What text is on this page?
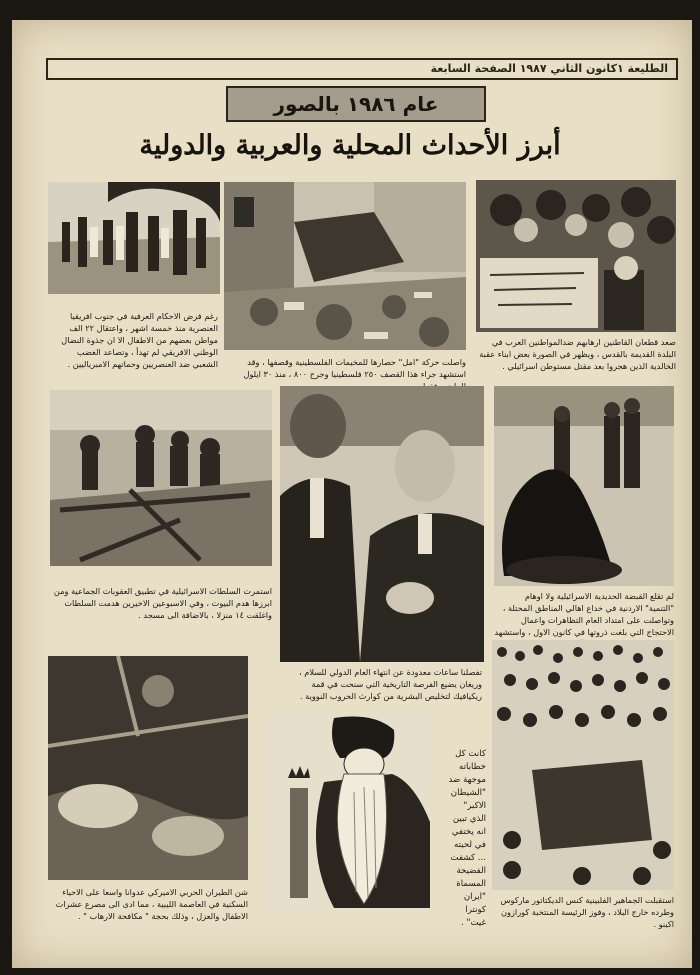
الطليعة ١كانون الثاني ١٩٨٧ الصفحة السابعة
عام ١٩٨٦ بالصور
أبرز الأحداث المحلية والعربية والدولية
رغم فرض الاحكام العرفية في جنوب افريقيا العنصرية منذ خمسة اشهر ، واعتقال ٢٢ الف مواطن بعضهم من الاطفال الا ان جذوة النضال الوطني الافريقي لم تهدأ ، وتصاعد الغضب الشعبي ضد العنصريين وحماتهم الامبرياليين .	واصلت حركة "امل" حصارها للمخيمات الفلسطينية وقصفها ، وقد استشهد جراء هذا القصف ٢٥٠ فلسطينيا وجرح ٨٠٠ ، منذ ٣٠ ايلول
صعد قطعان القاطنين ارهابهم ضدالمواطنين العرب في البلدة القديمة بالقدس ، ويظهر في الصورة بعض ابناء عقبة الخالدية الذين هجروا بعد مقتل مستوطن اسرائيلي .
استمرت السلطات الاسرائيلية في تطبيق العقوبات الجماعية ومن ابرزها هدم البيوت ، وفي الاسبوعين الاخيرين هدمت السلطات واغلقت ١٤ منزلا ، بالاضافة الى مسجد .
تفصلنا ساعات معدودة عن انتهاء العام الدولي للسلام ، وريغان يضيع الفرصة التاريخية التي سنحت في قمة ريكيافيك لتخليص البشرية من كوارث الحروب النووية .
لم تقلع القبضة الحديدية الاسرائيلية ولا اوهام "التنمية" الاردنية في خداع اهالي المناطق المحتلة ، وتواصلت على امتداد العام التظاهرات واعمال الاحتجاج التي بلغت ذروتها في كانون الاول ، واستشهد
شن الطيران الحربي الاميركي عدوانا واسعا على الاحياء السكنية في العاصمة الليبية ، مما ادى الى مصرع عشرات الاطفال والعزل ، وذلك بحجة " مكافحة الارهاب " .
كانت كل
خطاباته
موجهة ضد
"الشيطان
الاكبر"
الذي تبين
انه يختفي
في لحيته
... كشفت
الفضيحة
المسماة
"ايران
كونترا
غيت" .
استقبلت الجماهير الفلبينية كنس الديكتاتور ماركوس وطرده خارج البلاد ، وفوز الرئيسة المنتخبة كورازون اكينو .
